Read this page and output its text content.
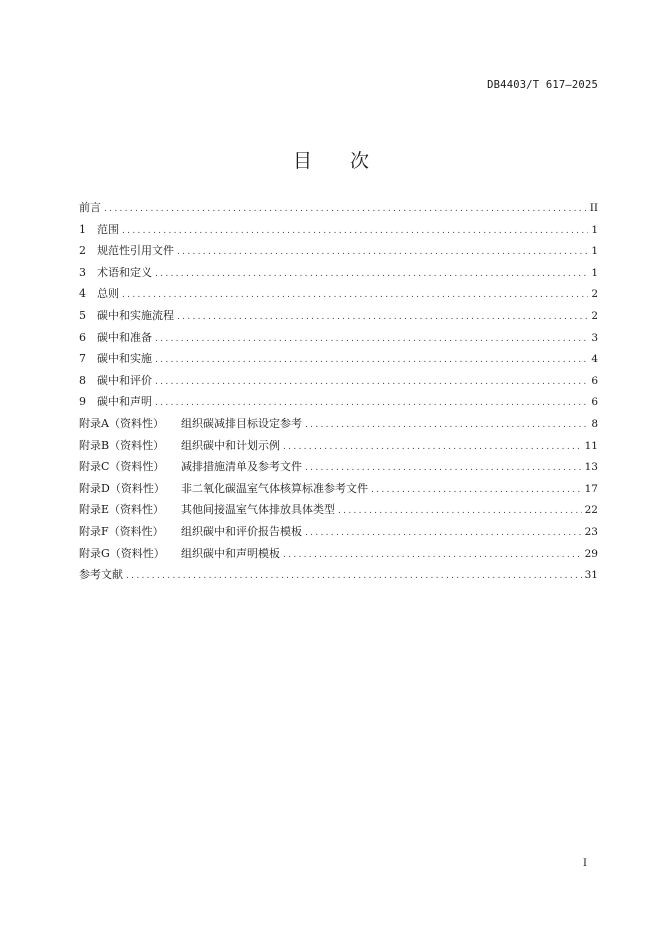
DB4403/T 617—2025
目次
前言 .....	II
1 范围 .....	1
2 规范性引用文件 .....	1
3 术语和定义 .....	1
4 总则 .....	2
5 碳中和实施流程 .....	2
6 碳中和准备 .....	3
7 碳中和实施 .....	4
8 碳中和评价 .....	6
9 碳中和声明 .....	6
附录A（资料性） 组织碳减排目标设定参考 .....	8
附录B（资料性） 组织碳中和计划示例 .....	11
附录C（资料性） 减排措施清单及参考文件 .....	13
附录D（资料性） 非二氧化碳温室气体核算标准参考文件 .....	17
附录E（资料性） 其他间接温室气体排放具体类型 .....	22
附录F（资料性） 组织碳中和评价报告模板 .....	23
附录G（资料性） 组织碳中和声明模板 .....	29
参考文献 .....	31
I
